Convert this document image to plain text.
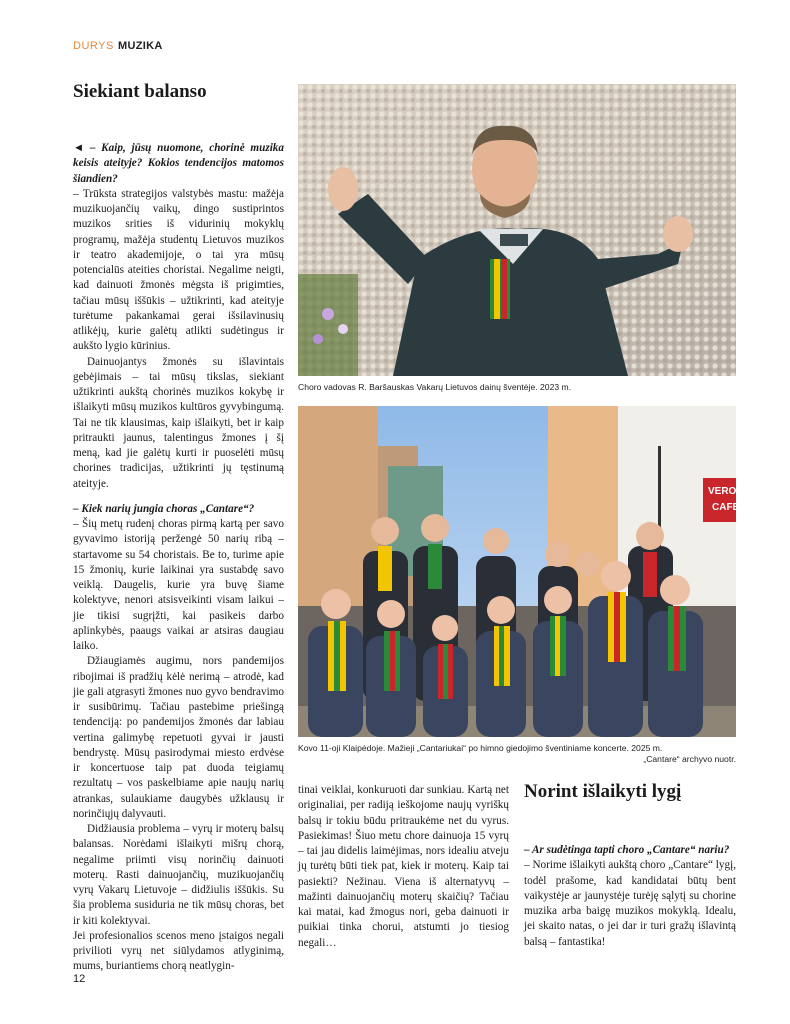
DURYS MUZIKA
Siekiant balanso

◄ – Kaip, jūsų nuomone, chorinė muzika keisis ateityje? Kokios tendencijos matomos šiandien?

– Trūksta strategijos valstybės mastu: mažėja muzikuojančių vaikų, dingo sustiprintos muzikos srities iš vidurinių mokyklų programų, mažėja studentų Lietuvos muzikos ir teatro akademijoje, o tai yra mūsų potencialūs ateities choristai. Negalime neigti, kad dainuoti žmonės mėgsta iš prigimties, tačiau mūsų iššūkis – užtikrinti, kad ateityje turėtume pakankamai gerai išsilavinusių atlikėjų, kurie galėtų atlikti sudėtingus ir aukšto lygio kūrinius.

Dainuojantys žmonės su išlavintais gebėjimais – tai mūsų tikslas, siekiant užtikrinti aukštą chorinės muzikos kokybę ir išlaikyti mūsų muzikos kultūros gyvybingumą. Tai ne tik klausimas, kaip išlaikyti, bet ir kaip pritraukti jaunus, talentingus žmones į šį meną, kad jie galėtų kurti ir puoselėti mūsų chorines tradicijas, užtikrinti jų tęstinumą ateityje.

– Kiek narių jungia choras „Cantare“?

– Šių metų rudenį choras pirmą kartą per savo gyvavimo istoriją peržengė 50 narių ribą – startavome su 54 choristais. Be to, turime apie 15 žmonių, kurie laikinai yra sustabdę savo veiklą. Daugelis, kurie yra buvę šiame kolektyve, nenori atsisveikinti visam laikui – jie tikisi sugrįžti, kai pasikeis darbo aplinkybės, paaugs vaikai ar atsiras daugiau laiko.

Džiaugiamės augimu, nors pandemijos ribojimai iš pradžių kėlė nerimą – atrodė, kad jie gali atgrasyti žmones nuo gyvo bendravimo ir susibūrimų. Tačiau pastebime priešingą tendenciją: po pandemijos žmonės dar labiau vertina galimybę repetuoti gyvai ir jausti bendrystę. Mūsų pasirodymai miesto erdvėse ir koncertuose taip pat duoda teigiamų rezultatų – vos paskelbiame apie naujų narių atrankas, sulaukiame daugybės užklausų ir norinčiųjų dalyvauti.

Didžiausia problema – vyrų ir moterų balsų balansas. Norėdami išlaikyti mišrų chorą, negalime priimti visų norinčių dainuoti moterų. Rasti dainuojančių, muzikuojančių vyrų Vakarų Lietuvoje – didžiulis iššūkis. Su šia problema susiduria ne tik mūsų choras, bet ir kiti kolektyvai.

Jei profesionalios scenos meno įstaigos negali privilioti vyrų net siūlydamos atlyginimą, mums, buriantiems chorą neatlygin-

Choro vadovas R. Baršauskas Vakarų Lietuvos dainų šventėje. 2023 m.
VERO
CAFE
Kovo 11-oji Klaipėdoje. Mažieji „Cantariukai“ po himno giedojimo šventiniame koncerte. 2025 m.
„Cantare“ archyvo nuotr.

tinai veiklai, konkuruoti dar sunkiau. Kartą net originaliai, per radiją ieškojome naujų vyriškų balsų ir tokiu būdu pritraukėme net du vyrus. Pasiekimas! Šiuo metu chore dainuoja 15 vyrų – tai jau didelis laimėjimas, nors idealiu atveju jų turėtų būti tiek pat, kiek ir moterų. Kaip tai pasiekti? Nežinau. Viena iš alternatyvų – mažinti dainuojančių moterų skaičių? Tačiau kai matai, kad žmogus nori, geba dainuoti ir puikiai tinka chorui, atstumti jo tiesiog negali…

Norint išlaikyti lygį

– Ar sudėtinga tapti choro „Cantare“ nariu?

– Norime išlaikyti aukštą choro „Cantare“ lygį, todėl prašome, kad kandidatai būtų bent vaikystėje ar jaunystėje turėję sąlytį su chorine muzika arba baigę muzikos mokyklą. Idealu, jei skaito natas, o jei dar ir turi gražų išlavintą balsą – fantastika!

12
